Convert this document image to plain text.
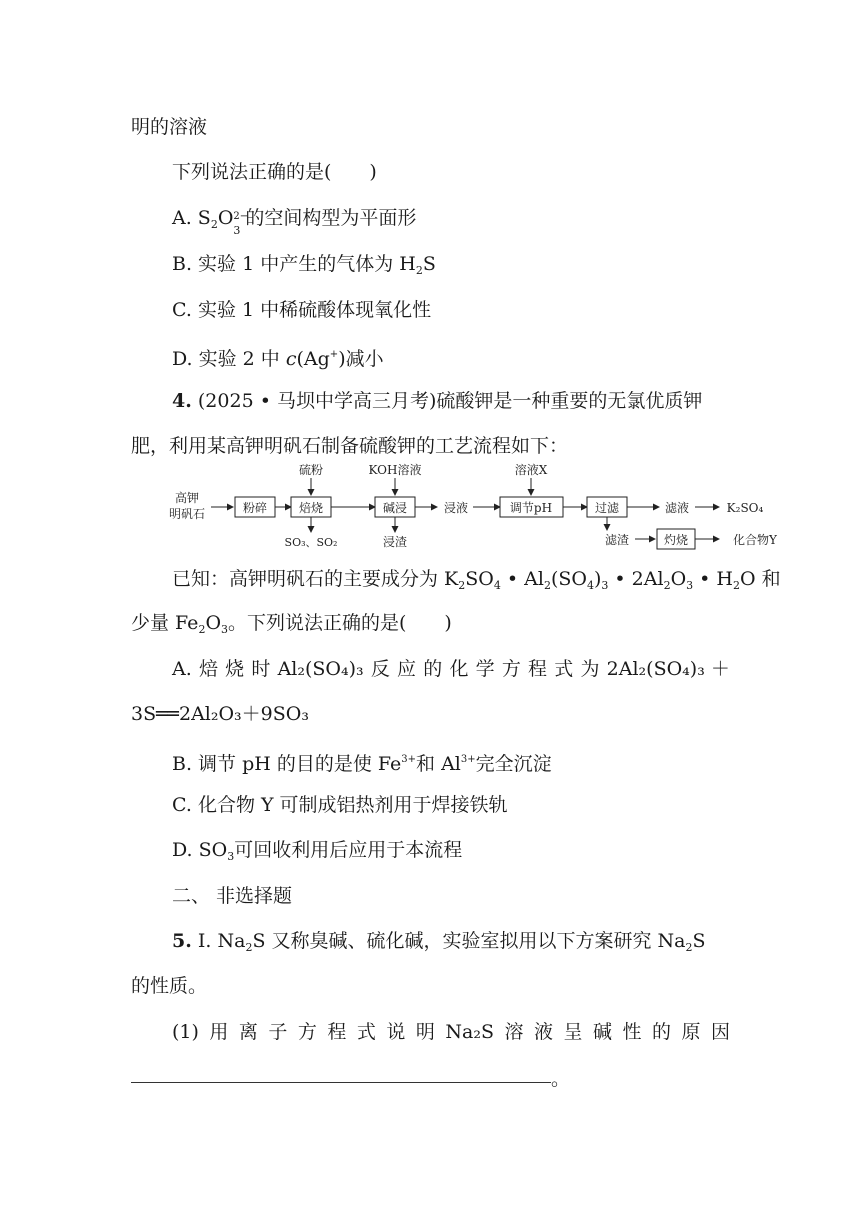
明的溶液
下列说法正确的是(　　)
A. $S_2O$ 2−
3
的空间构型为平面形
B. 实验 1 中产生的气体为 $H_2S$
C. 实验 1 中稀硫酸体现氧化性
D. 实验 2 中 c(Ag+)减小
4. (2025 • 马坝中学高三月考)硫酸钾是一种重要的无氯优质钾
肥，利用某高钾明矾石制备硫酸钾的工艺流程如下：
高钾
明矾石	粉碎	焙烧	碱浸	调节pH	过滤
灼烧
硫粉	KOH溶液	溶液X
SO₃、SO₂	浸渣
浸液	滤液	K₂SO₄
滤渣	化合物Y
已知：高钾明矾石的主要成分为 $K_2SO_4$ • $Al_2(SO_4)_3$ • $2Al_2O_3$ • $H_2O$ 和
少量 $Fe_2O_3$。下列说法正确的是(　　)
A. 焙 烧 时 Al₂(SO₄)₃ 反 应 的 化 学 方 程 式 为 2Al₂(SO₄)₃ ＋
3S══2Al₂O₃＋9SO₃
B. 调节 pH 的目的是使 $Fe^{3+}$和 $Al^{3+}$完全沉淀
C. 化合物 Y 可制成铝热剂用于焊接铁轨
D. $SO_3$可回收利用后应用于本流程
二、 非选择题
5. Ⅰ. $Na_2S$ 又称臭碱、硫化碱，实验室拟用以下方案研究 $Na_2S$
的性质。
(1) 用 离 子 方 程 式 说 明 Na₂S 溶 液 呈 碱 性 的 原 因
。
